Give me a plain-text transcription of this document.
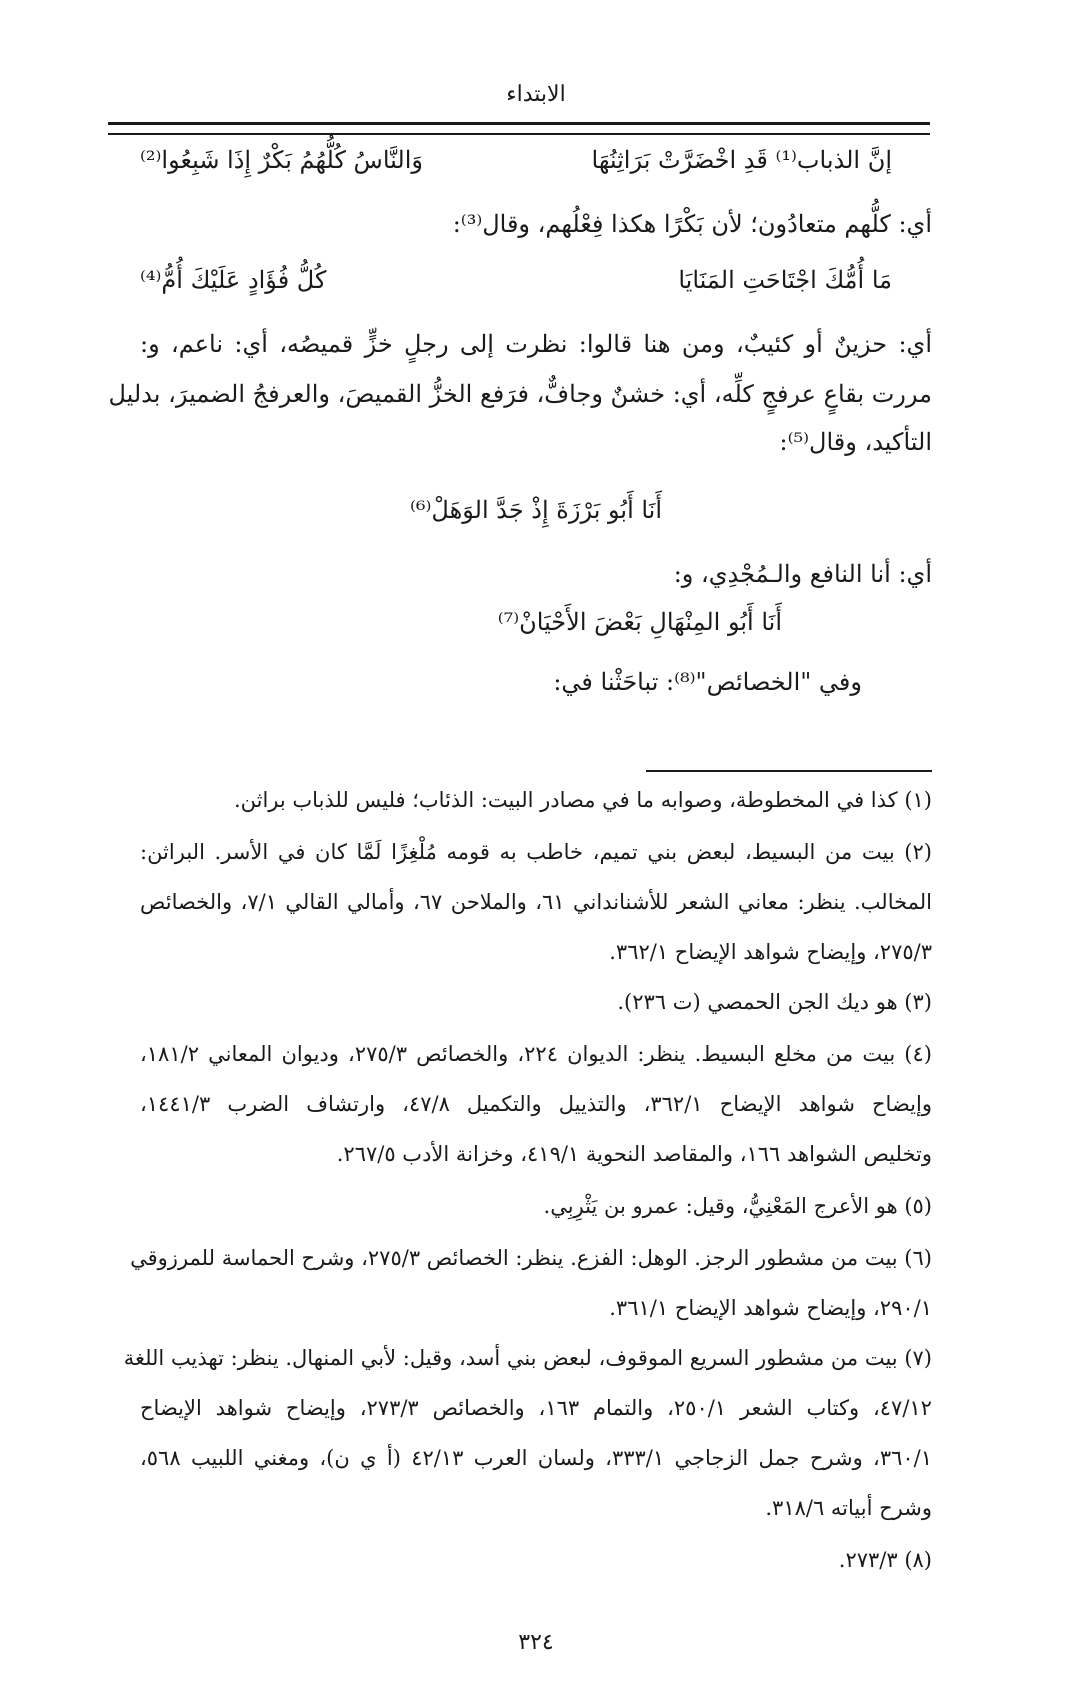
الابتداء
إنَّ الذباب⁽¹⁾ قَدِ اخْضَرَّتْ بَرَاثِنُهَا
وَالنَّاسُ كُلُّهُمُ بَكْرٌ إِذَا شَبِعُوا⁽²⁾
أي: كلُّهم متعادُون؛ لأن بَكْرًا هكذا فِعْلُهم، وقال⁽³⁾:
مَا أُمُّكَ اجْتَاحَتِ المَنَايَا
كُلُّ فُؤَادٍ عَلَيْكَ أُمُّ⁽⁴⁾
أي: حزينٌ أو كئيبٌ، ومن هنا قالوا: نظرت إلى رجلٍ خزٍّ قميصُه، أي: ناعم، و:
مررت بقاعٍ عرفجٍ كلِّه، أي: خشنٌ وجافٌّ، فرَفع الخزُّ القميصَ، والعرفجُ الضميرَ، بدليل
التأكيد، وقال⁽⁵⁾:
أَنَا أَبُو بَرْزَةَ إِذْ جَدَّ الوَهَلْ⁽⁶⁾
أي: أنا النافع والـمُجْدِي، و:
أَنَا أَبُو المِنْهَالِ بَعْضَ الأَحْيَانْ⁽⁷⁾
وفي "الخصائص"⁽⁸⁾: تباحَثْنا في:
(١) كذا في المخطوطة، وصوابه ما في مصادر البيت: الذئاب؛ فليس للذباب براثن.
(٢) بيت من البسيط، لبعض بني تميم، خاطب به قومه مُلْغِزًا لَمَّا كان في الأسر. البراثن:
المخالب. ينظر: معاني الشعر للأشنانداني ٦١، والملاحن ٦٧، وأمالي القالي ٧/١، والخصائص
٢٧٥/٣، وإيضاح شواهد الإيضاح ٣٦٢/١.
(٣) هو ديك الجن الحمصي (ت ٢٣٦).
(٤) بيت من مخلع البسيط. ينظر: الديوان ٢٢٤، والخصائص ٢٧٥/٣، وديوان المعاني ١٨١/٢،
وإيضاح شواهد الإيضاح ٣٦٢/١، والتذييل والتكميل ٤٧/٨، وارتشاف الضرب ١٤٤١/٣،
وتخليص الشواهد ١٦٦، والمقاصد النحوية ٤١٩/١، وخزانة الأدب ٢٦٧/٥.
(٥) هو الأعرج المَعْنِيُّ، وقيل: عمرو بن يَثْرِبِي.
(٦) بيت من مشطور الرجز. الوهل: الفزع. ينظر: الخصائص ٢٧٥/٣، وشرح الحماسة للمرزوقي
٢٩٠/١، وإيضاح شواهد الإيضاح ٣٦١/١.
(٧) بيت من مشطور السريع الموقوف، لبعض بني أسد، وقيل: لأبي المنهال. ينظر: تهذيب اللغة
٤٧/١٢، وكتاب الشعر ٢٥٠/١، والتمام ١٦٣، والخصائص ٢٧٣/٣، وإيضاح شواهد الإيضاح
٣٦٠/١، وشرح جمل الزجاجي ٣٣٣/١، ولسان العرب ٤٢/١٣ (أ ي ن)، ومغني اللبيب ٥٦٨،
وشرح أبياته ٣١٨/٦.
(٨) ٢٧٣/٣.
٣٢٤
